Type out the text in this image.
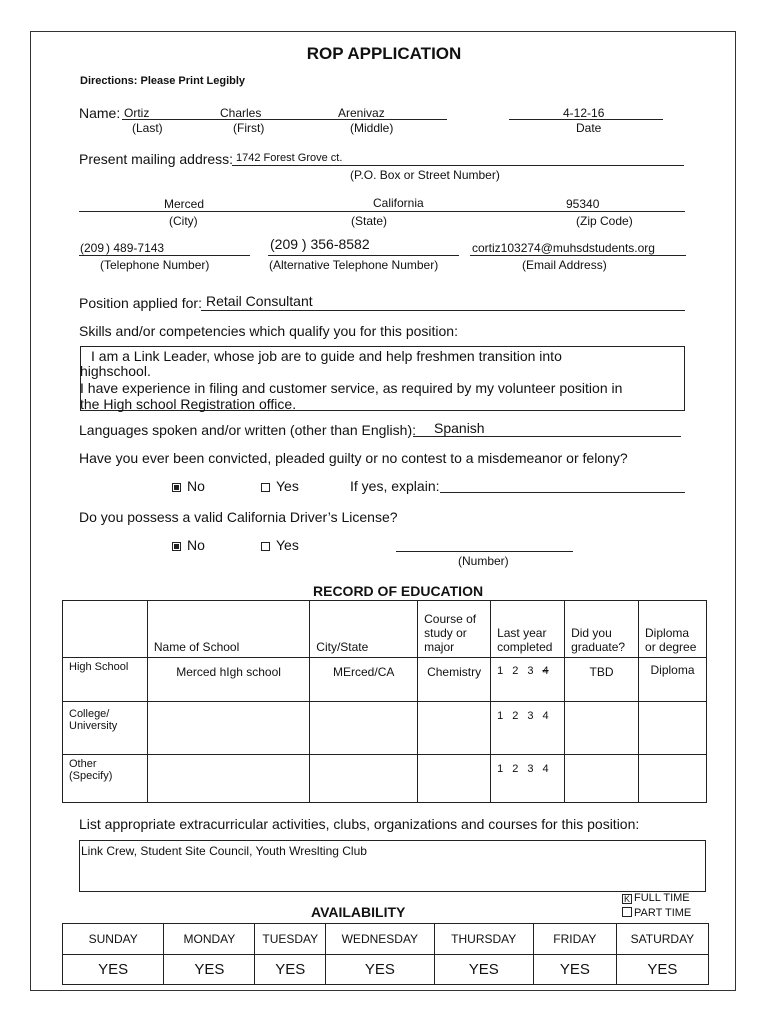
ROP APPLICATION
Directions: Please Print Legibly
Name: Ortiz	Charles	Arenivaz	4-12-16
(Last)	(First)	(Middle)	Date
Present mailing address: 1742 Forest Grove ct.
(P.O. Box or Street Number)
Merced	California	95340
(City)	(State)	(Zip Code)
(209 ) 489-7143
(Telephone Number)
(209 ) 356-8582
(Alternative Telephone Number)
cortiz103274@muhsdstudents.org
(Email Address)
Position applied for: Retail Consultant
Skills and/or competencies which qualify you for this position:
I am a Link Leader, whose job are to guide and help freshmen transition into
highschool.
I have experience in filing and customer service, as required by my volunteer position in
the High school Registration office.
Languages spoken and/or written (other than English): Spanish
Have you ever been convicted, pleaded guilty or no contest to a misdemeanor or felony?
No	Yes	If yes, explain:
Do you possess a valid California Driver’s License?
No	Yes
(Number)
RECORD OF EDUCATION
	Name of School	City/State	Course of study or major	Last year completed	Did you graduate?	Diploma or degree
High School	Merced hIgh school	MErced/CA	Chemistry	1 2 3 4	TBD	Diploma
College/ University				1 2 3 4		
Other (Specify)				1 2 3 4		
List appropriate extracurricular activities, clubs, organizations and courses for this position:
Link Crew, Student Site Council, Youth Wreslting Club
K FULL TIME
PART TIME
AVAILABILITY
SUNDAY	MONDAY	TUESDAY	WEDNESDAY	THURSDAY	FRIDAY	SATURDAY
YES	YES	YES	YES	YES	YES	YES
